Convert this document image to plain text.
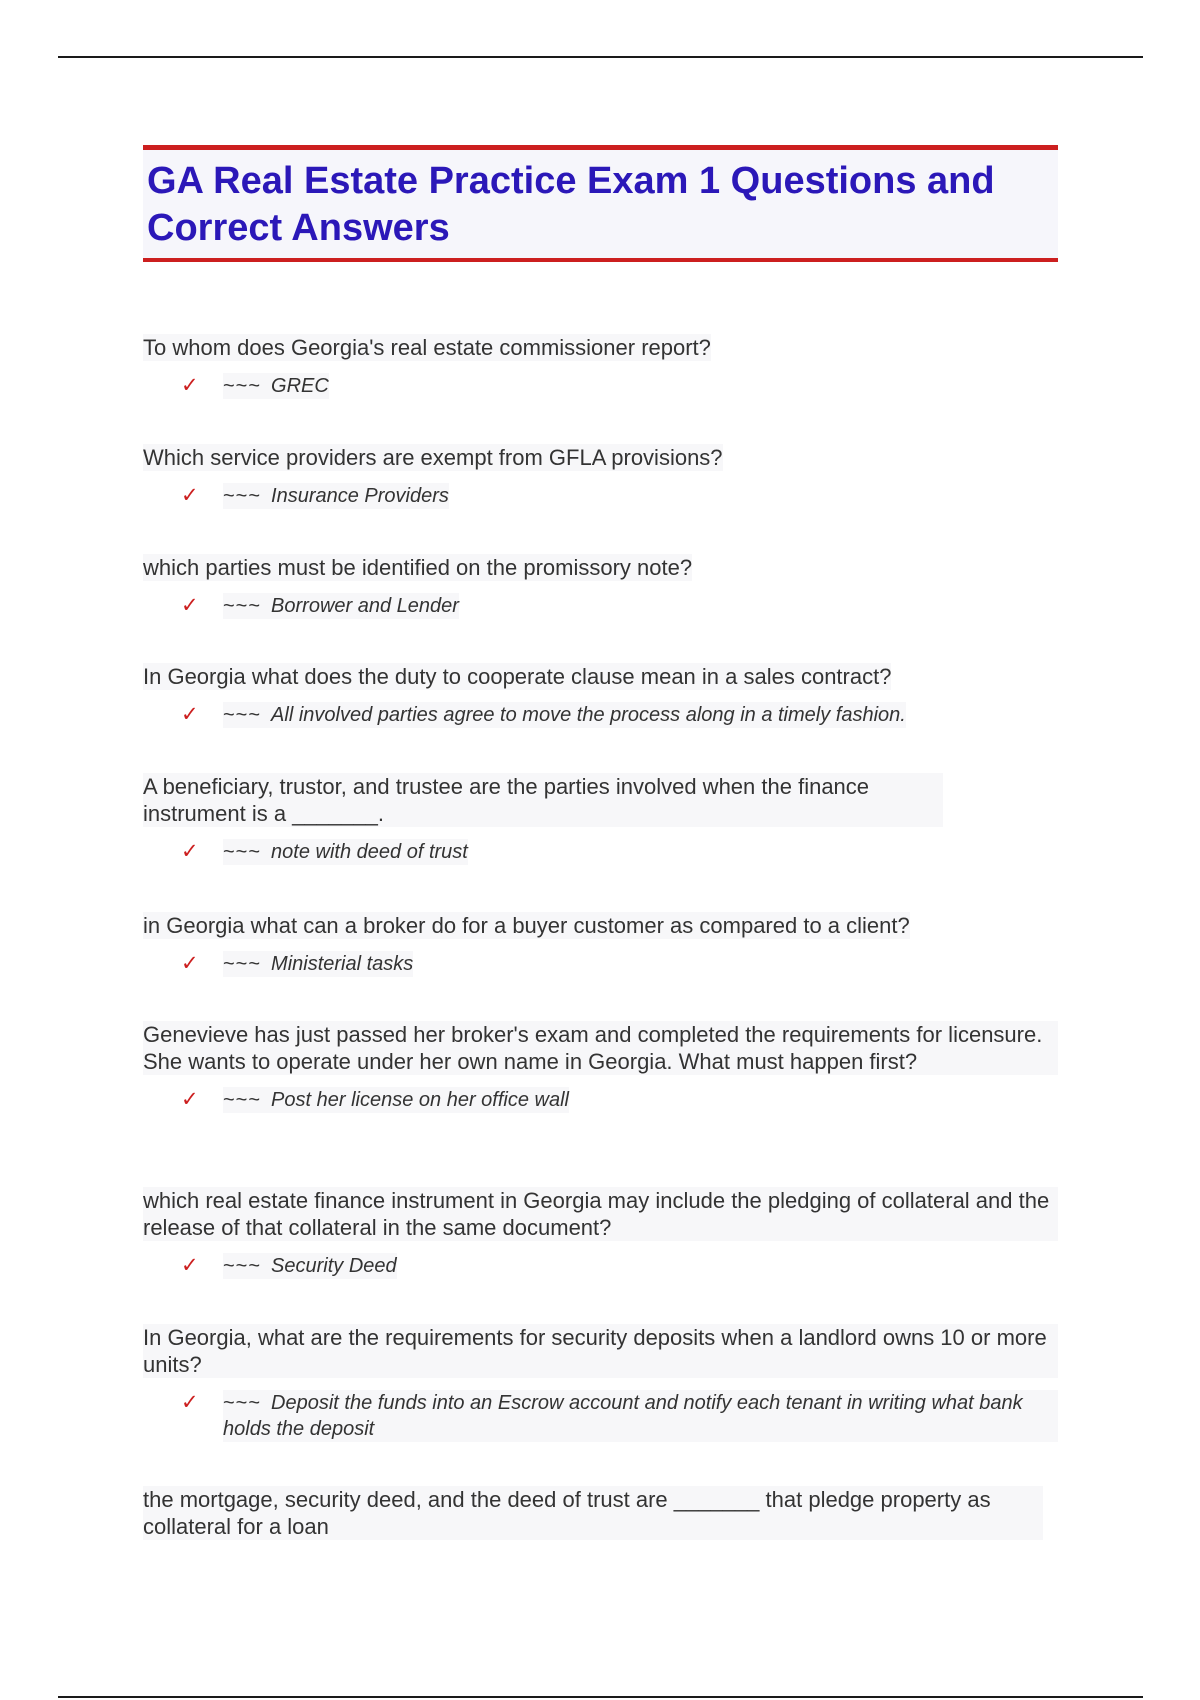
GA Real Estate Practice Exam 1 Questions and Correct Answers
To whom does Georgia's real estate commissioner report?
✓	~~~ GREC
Which service providers are exempt from GFLA provisions?
✓	~~~ Insurance Providers
which parties must be identified on the promissory note?
✓	~~~ Borrower and Lender
In Georgia what does the duty to cooperate clause mean in a sales contract?
✓	~~~ All involved parties agree to move the process along in a timely fashion.
A beneficiary, trustor, and trustee are the parties involved when the finance instrument is a _______.
✓	~~~ note with deed of trust
in Georgia what can a broker do for a buyer customer as compared to a client?
✓	~~~ Ministerial tasks
Genevieve has just passed her broker's exam and completed the requirements for licensure. She wants to operate under her own name in Georgia. What must happen first?
✓	~~~ Post her license on her office wall
which real estate finance instrument in Georgia may include the pledging of collateral and the release of that collateral in the same document?
✓	~~~ Security Deed
In Georgia, what are the requirements for security deposits when a landlord owns 10 or more units?
✓	~~~ Deposit the funds into an Escrow account and notify each tenant in writing what bank holds the deposit
the mortgage, security deed, and the deed of trust are _______ that pledge property as collateral for a loan
